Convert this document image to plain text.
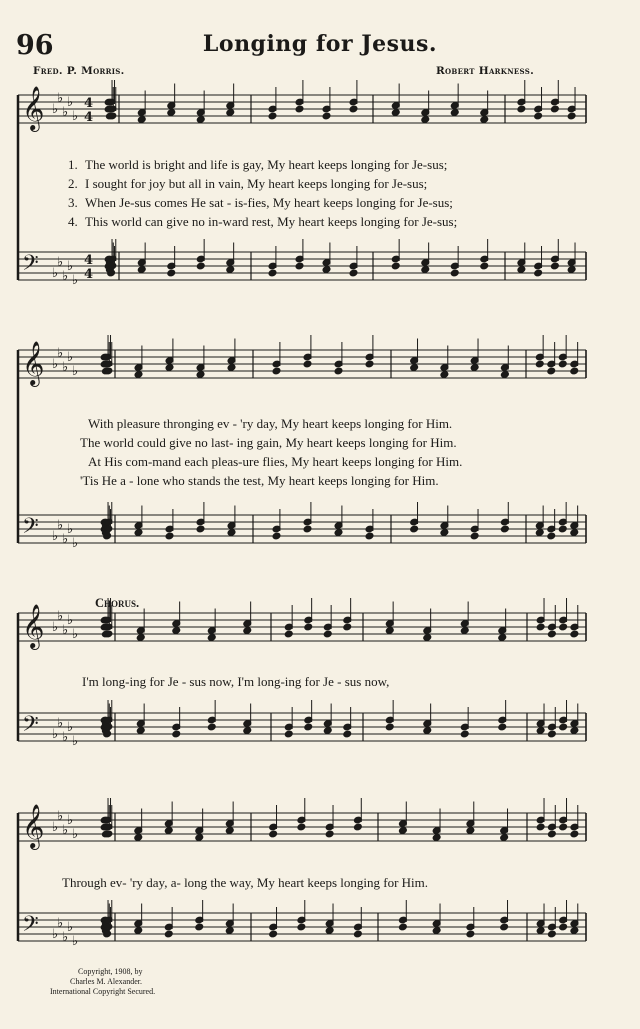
96	Longing for Jesus.
Fred. P. Morris.	Robert Harkness.
𝄞
𝄢
♭
♭
♭
♭
♭
♭
♭
♭
♭
♭
4
4
4
4
𝄞
𝄢
♭
♭
♭
♭
♭
♭
♭
♭
♭
♭
𝄞
𝄢
♭
♭
♭
♭
♭
♭
♭
♭
♭
♭
𝄞
𝄢
♭
♭
♭
♭
♭
♭
♭
♭
♭
♭
1. The world is bright and life is gay, My heart keeps longing for Je-sus;
2. I sought for joy but all in vain, My heart keeps longing for Je-sus;
3. When Je-sus comes He sat - is-fies, My heart keeps longing for Je-sus;
4. This world can give no in-ward rest, My heart keeps longing for Je-sus;
With pleasure thronging ev - 'ry day, My heart keeps longing for Him.
The world could give no last- ing gain, My heart keeps longing for Him.
At His com-mand each pleas-ure flies, My heart keeps longing for Him.
'Tis He a - lone who stands the test, My heart keeps longing for Him.
Chorus.
I'm long-ing for Je - sus now, I'm long-ing for Je - sus now,
Through ev- 'ry day, a- long the way, My heart keeps longing for Him.
Copyright, 1908, by
Charles M. Alexander.
International Copyright Secured.
